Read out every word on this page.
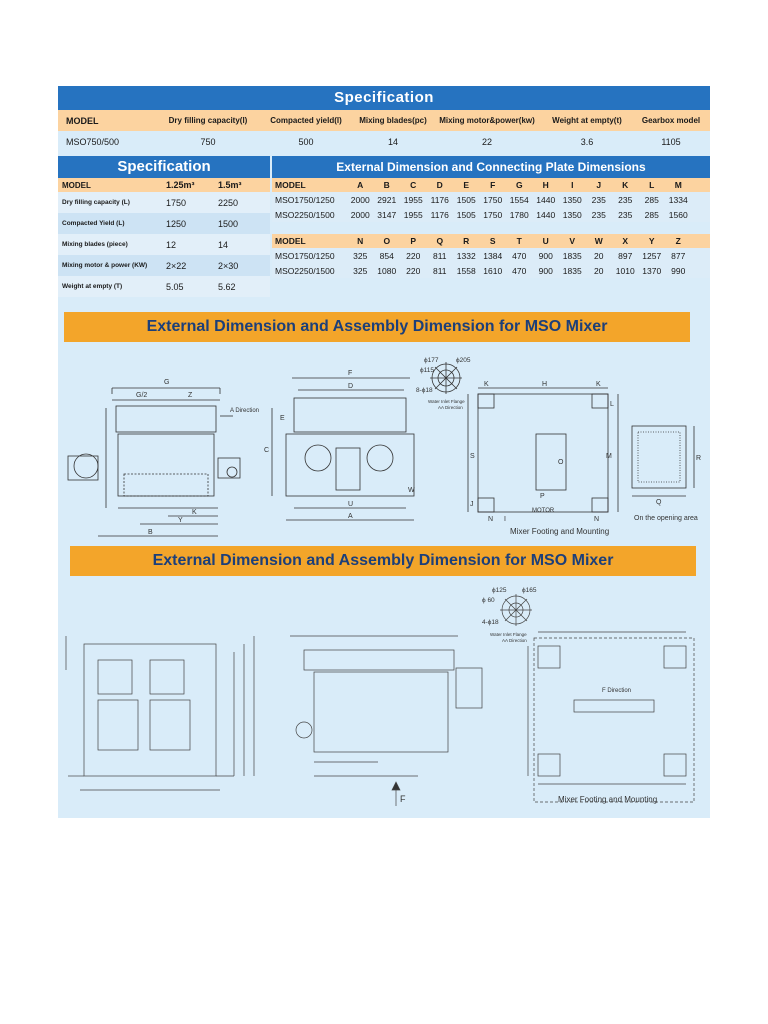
Specification
MODEL	Dry filling capacity(l)	Compacted yield(l)	Mixing blades(pc)	Mixing motor&power(kw)	Weight at empty(t)	Gearbox model
MSO750/500	750	500	14	22	3.6	1105
Specification
MODEL	1.25m³	1.5m³
Dry filling capacity (L)	1750	2250
Compacted Yield (L)	1250	1500
Mixing blades (piece)	12	14
Mixing motor & power (KW)	2×22	2×30
Weight at empty (T)	5.05	5.62
External Dimension and Connecting Plate Dimensions
MODEL	A	B	C	D	E	F	G	H	I	J	K	L	M
MSO1750/1250	2000 2921 1955 1176 1505 1750 1554 1440 1350	235	235	285	1334
MSO2250/1500	2000 3147 1955 1176 1505 1750 1780 1440 1350	235	235	285	1560
MODEL	N	O	P	Q	R	S	T	U	V	W	X	Y	Z
MSO1750/1250	325	854	220	811	1332 1384	470	900	1835	20	897	1257	877
MSO2250/1500	325	1080	220	811	1558 1610	470	900	1835	20	1010 1370	990
External Dimension and Assembly Dimension for MSO Mixer
G
G/2	Z
A Direction
K
Y
B
F
D
E
C
W
U
A
ϕ177	ϕ205
ϕ115
8-ϕ18
Water Inlet Flange
AA Direction
H
K	K
L
S	M
O
P
J
N I	N
MOTOR
Mixer Footing and Mounting
Q
R
On the opening area
External Dimension and Assembly Dimension for MSO Mixer
ϕ125 ϕ165
ϕ 60
4-ϕ18
Water Inlet Flange
AA Direction
F Direction
Mixer Footing and Mounting
F
